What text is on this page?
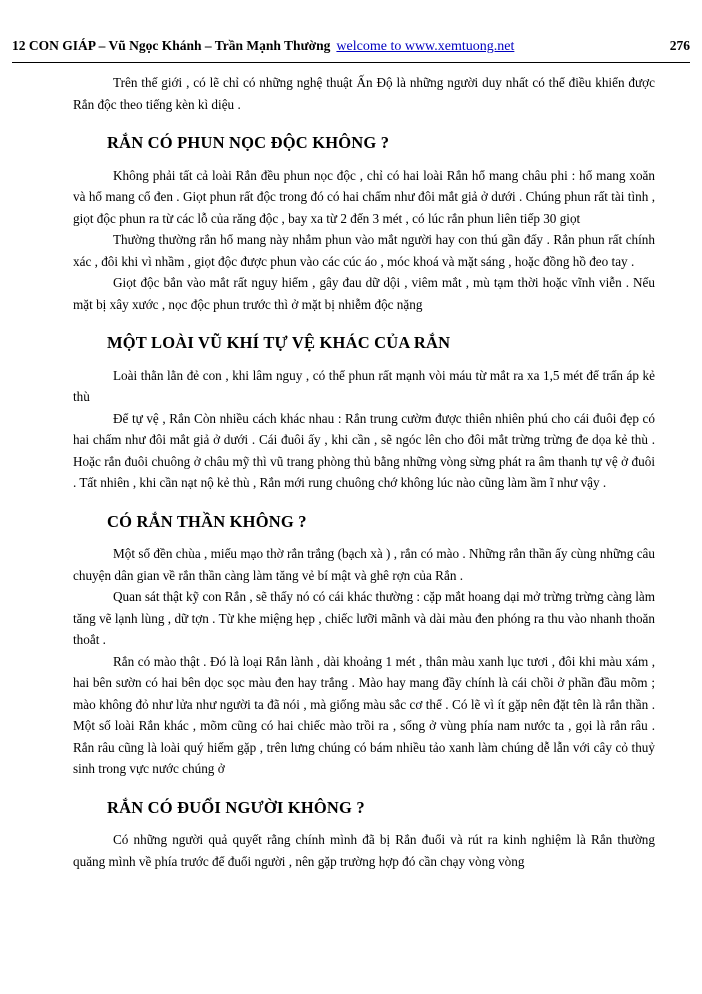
12 CON GIÁP – Vũ Ngọc Khánh – Trần Mạnh Thường welcome to www.xemtuong.net	276

Trên thế giới , có lẽ chỉ có những nghệ thuật Ấn Độ là những người duy nhất có thể điều khiển được Rắn độc theo tiếng kèn kì diệu .

RẮN CÓ PHUN NỌC ĐỘC KHÔNG ?

Không phải tất cả loài Rắn đều phun nọc độc , chỉ có hai loài Rắn hổ mang châu phi : hổ mang xoăn và hổ mang cổ đen . Giọt phun rất độc trong đó có hai chấm như đôi mắt giả ở dưới . Chúng phun rất tài tình , giọt độc phun ra từ các lỗ của răng độc , bay xa từ 2 đến 3 mét , có lúc rắn phun liên tiếp 30 giọt

Thường thường rắn hổ mang này nhắm phun vào mắt người hay con thú gần đấy . Rắn phun rất chính xác , đôi khi vì nhầm , giọt độc được phun vào các cúc áo , móc khoá và mặt sáng , hoặc đồng hồ đeo tay .

Giọt độc bắn vào mắt rất nguy hiểm , gây đau dữ dội , viêm mắt , mù tạm thời hoặc vĩnh viễn . Nếu mặt bị xây xước , nọc độc phun trước thì ở mặt bị nhiễm độc nặng

MỘT LOÀI VŨ KHÍ TỰ VỆ KHÁC CỦA RẮN

Loài thằn lằn đẻ con , khi lâm nguy , có thể phun rất mạnh vòi máu từ mắt ra xa 1,5 mét để trấn áp kẻ thù

Để tự vệ , Rắn Còn nhiều cách khác nhau : Rắn trung cườm được thiên nhiên phú cho cái đuôi đẹp có hai chấm như đôi mắt giả ở dưới . Cái đuôi ấy , khi cần , sẽ ngóc lên cho đôi mắt trừng trừng đe dọa kẻ thù . Hoặc rắn đuôi chuông ở châu mỹ thì vũ trang phòng thủ bằng những vòng sừng phát ra âm thanh tự vệ ở đuôi . Tất nhiên , khi cần nạt nộ kẻ thù , Rắn mới rung chuông chớ không lúc nào cũng làm ầm ĩ như vậy .

CÓ RẮN THẦN KHÔNG ?

Một số đền chùa , miếu mạo thờ rắn trắng (bạch xà ) , rắn có mào . Những rắn thần ấy cùng những câu chuyện dân gian về rắn thần càng làm tăng vẻ bí mật và ghê rợn của Rắn .

Quan sát thật kỹ con Rắn , sẽ thấy nó có cái khác thường : cặp mắt hoang dại mở trừng trừng càng làm tăng vẽ lạnh lùng , dữ tợn . Từ khe miệng hẹp , chiếc lưỡi mãnh và dài màu đen phóng ra thu vào nhanh thoăn thoắt .

Rắn có mào thật . Đó là loại Rắn lành , dài khoảng 1 mét , thân màu xanh lục tươi , đôi khi màu xám , hai bên sườn có hai bên dọc sọc màu đen hay trắng . Mào hay mang đầy chính là cái chồi ở phần đầu mõm ; mào không đỏ như lửa như người ta đã nói , mà giống màu sắc cơ thể . Có lẽ vì ít gặp nên đặt tên là rắn thần . Một số loài Rắn khác , mõm cũng có hai chiếc mào trồi ra , sống ở vùng phía nam nước ta , gọi là rắn râu . Rắn râu cũng là loài quý hiếm gặp , trên lưng chúng có bám nhiều tảo xanh làm chúng dễ lẫn với cây cỏ thuỷ sinh trong vực nước chúng ở

RẮN CÓ ĐUỔI NGƯỜI KHÔNG ?

Có những người quả quyết rằng chính mình đã bị Rắn đuổi và rút ra kinh nghiệm là Rắn thường quăng mình về phía trước để đuổi người , nên gặp trường hợp đó cần chạy vòng vòng
